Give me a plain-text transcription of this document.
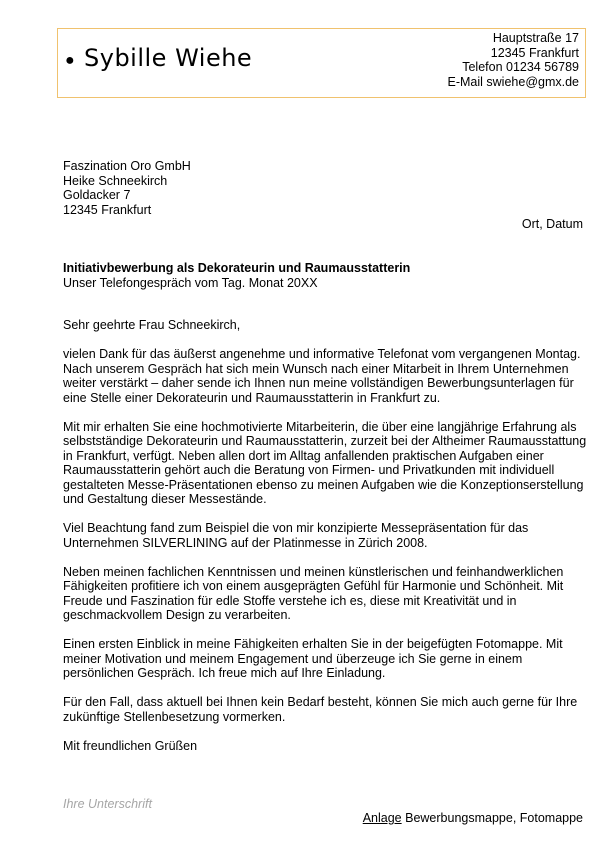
● Sybille Wiehe
Hauptstraße 17
12345 Frankfurt
Telefon 01234 56789
E-Mail swiehe@gmx.de
Faszination Oro GmbH
Heike Schneekirch
Goldacker 7
12345 Frankfurt
Ort, Datum
Initiativbewerbung als Dekorateurin und Raumausstatterin
Unser Telefongespräch vom Tag. Monat 20XX

Sehr geehrte Frau Schneekirch,

vielen Dank für das äußerst angenehme und informative Telefonat vom vergangenen Montag. Nach unserem Gespräch hat sich mein Wunsch nach einer Mitarbeit in Ihrem Unternehmen weiter verstärkt – daher sende ich Ihnen nun meine vollständigen Bewerbungsunterlagen für eine Stelle einer Dekorateurin und Raumausstatterin in Frankfurt zu.

Mit mir erhalten Sie eine hochmotivierte Mitarbeiterin, die über eine langjährige Erfahrung als selbstständige Dekorateurin und Raumausstatterin, zurzeit bei der Altheimer Raumausstattung in Frankfurt, verfügt. Neben allen dort im Alltag anfallenden praktischen Aufgaben einer Raumausstatterin gehört auch die Beratung von Firmen- und Privatkunden mit individuell gestalteten Messe-Präsentationen ebenso zu meinen Aufgaben wie die Konzeptionserstellung und Gestaltung dieser Messestände.

Viel Beachtung fand zum Beispiel die von mir konzipierte Messepräsentation für das Unternehmen SILVERLINING auf der Platinmesse in Zürich 2008.

Neben meinen fachlichen Kenntnissen und meinen künstlerischen und feinhandwerklichen Fähigkeiten profitiere ich von einem ausgeprägten Gefühl für Harmonie und Schönheit. Mit Freude und Faszination für edle Stoffe verstehe ich es, diese mit Kreativität und in geschmackvollem Design zu verarbeiten.

Einen ersten Einblick in meine Fähigkeiten erhalten Sie in der beigefügten Fotomappe. Mit meiner Motivation und meinem Engagement und überzeuge ich Sie gerne in einem persönlichen Gespräch. Ich freue mich auf Ihre Einladung.

Für den Fall, dass aktuell bei Ihnen kein Bedarf besteht, können Sie mich auch gerne für Ihre zukünftige Stellenbesetzung vormerken.

Mit freundlichen Grüßen

Ihre Unterschrift
Anlage Bewerbungsmappe, Fotomappe
